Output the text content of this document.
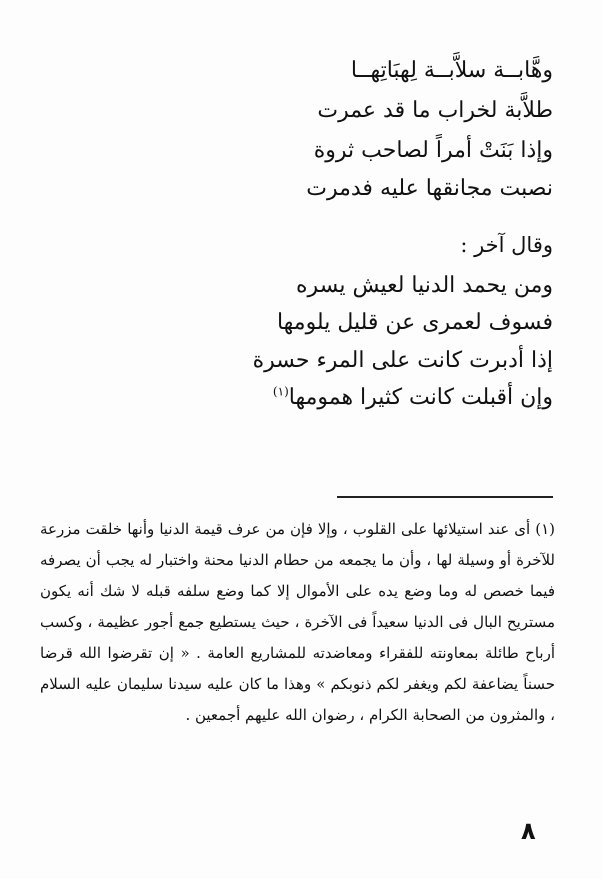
وهَّابــة سلاَّبــة لِهبَاتِهــا
طلاَّبة لخراب ما قد عمرت
وإذا بَنَتْ أمراً لصاحب ثروة
نصبت مجانقها عليه فدمرت
وقال آخر :
ومن يحمد الدنيا لعيش يسره
فسوف لعمرى عن قليل يلومها
إذا أدبرت كانت على المرء حسرة
وإن أقبلت كانت كثيرا همومها$^{(١)}$

(١) أى عند استيلائها على القلوب ، وإلا فإن من عرف قيمة الدنيا وأنها خلقت مزرعة للآخرة أو وسيلة لها ، وأن ما يجمعه من حطام الدنيا محنة واختبار له يجب أن يصرفه فيما خصص له وما وضع يده على الأموال إلا كما وضع سلفه قبله لا شك أنه يكون مستريح البال فى الدنيا سعيداً فى الآخرة ، حيث يستطيع جمع أجور عظيمة ، وكسب أرباح طائلة بمعاونته للفقراء ومعاضدته للمشاريع العامة . « إن تقرضوا الله قرضا حسناً يضاعفة لكم ويغفر لكم ذنوبكم » وهذا ما كان عليه سيدنا سليمان عليه السلام ، والمثرون من الصحابة الكرام ، رضوان الله عليهم أجمعين .

٨
